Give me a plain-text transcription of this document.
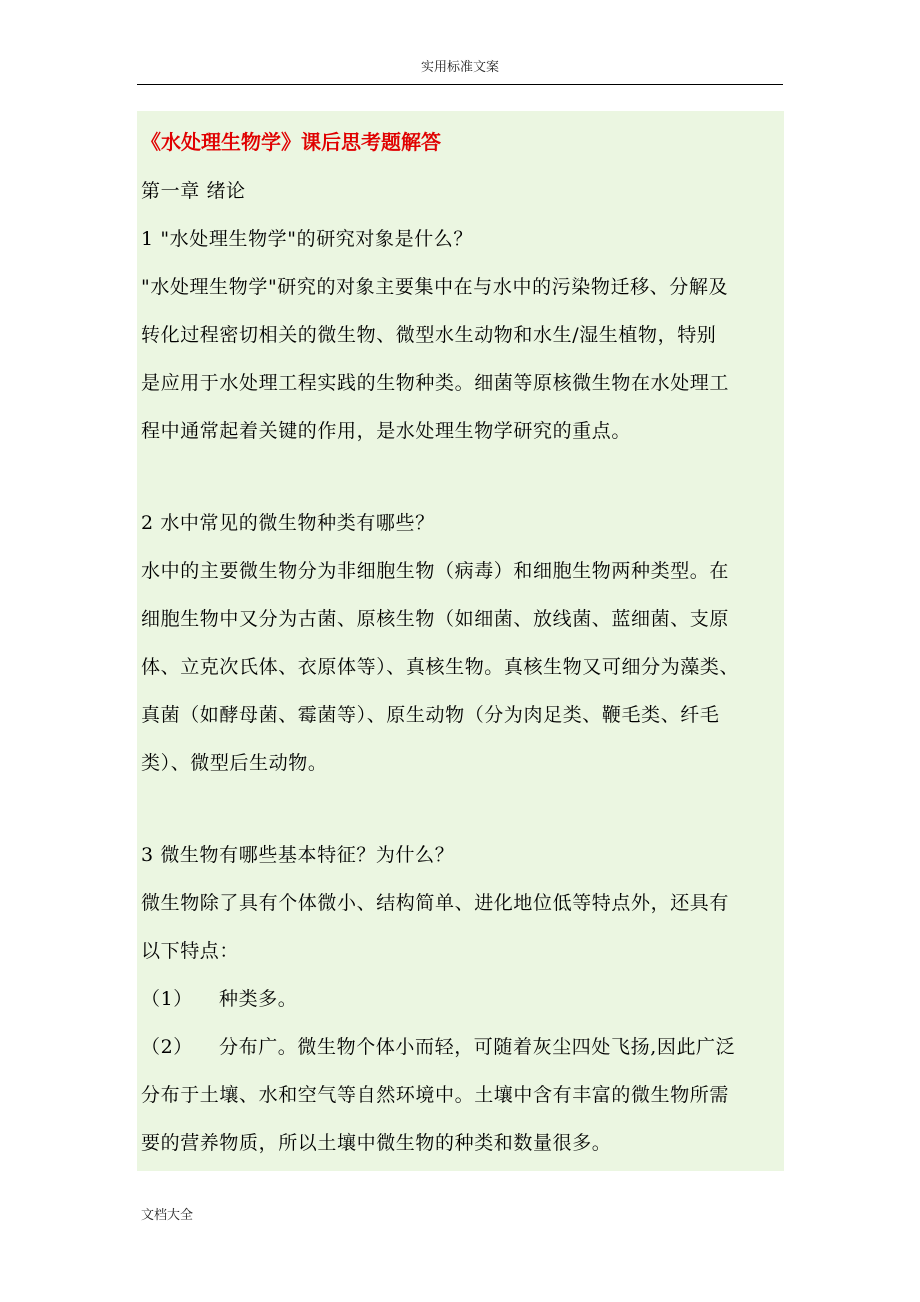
实用标准文案

《水处理生物学》课后思考题解答

第一章 绪论

1 "水处理生物学"的研究对象是什么？

"水处理生物学"研究的对象主要集中在与水中的污染物迁移、分解及

转化过程密切相关的微生物、微型水生动物和水生/湿生植物，特别

是应用于水处理工程实践的生物种类。细菌等原核微生物在水处理工

程中通常起着关键的作用，是水处理生物学研究的重点。

2 水中常见的微生物种类有哪些？

水中的主要微生物分为非细胞生物（病毒）和细胞生物两种类型。在

细胞生物中又分为古菌、原核生物（如细菌、放线菌、蓝细菌、支原

体、立克次氏体、衣原体等）、真核生物。真核生物又可细分为藻类、

真菌（如酵母菌、霉菌等）、原生动物（分为肉足类、鞭毛类、纤毛

类）、微型后生动物。

3 微生物有哪些基本特征？为什么？

微生物除了具有个体微小、结构简单、进化地位低等特点外，还具有

以下特点：

（1） 种类多。

（2） 分布广。微生物个体小而轻，可随着灰尘四处飞扬,因此广泛

分布于土壤、水和空气等自然环境中。土壤中含有丰富的微生物所需

要的营养物质，所以土壤中微生物的种类和数量很多。

文档大全
